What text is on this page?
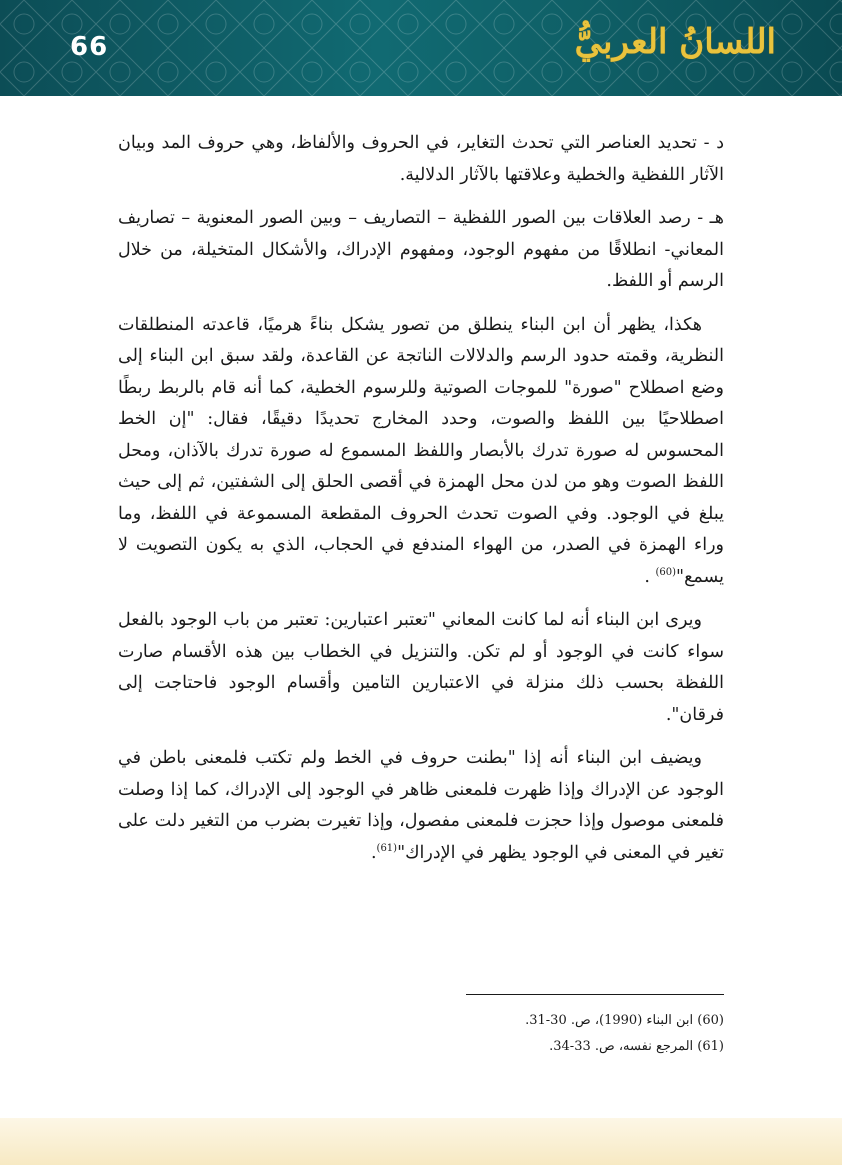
66	اللسانُ العربيُّ

د - تحديد العناصر التي تحدث التغاير، في الحروف والألفاظ، وهي حروف المد وبيان الآثار اللفظية والخطية وعلاقتها بالآثار الدلالية.

هـ - رصد العلاقات بين الصور اللفظية – التصاريف – وبين الصور المعنوية – تصاريف المعاني- انطلاقًا من مفهوم الوجود، ومفهوم الإدراك، والأشكال المتخيلة، من خلال الرسم أو اللفظ.

هكذا، يظهر أن ابن البناء ينطلق من تصور يشكل بناءً هرميًا، قاعدته المنطلقات النظرية، وقمته حدود الرسم والدلالات الناتجة عن القاعدة، ولقد سبق ابن البناء إلى وضع اصطلاح "صورة" للموجات الصوتية وللرسوم الخطية، كما أنه قام بالربط ربطًا اصطلاحيًا بين اللفظ والصوت، وحدد المخارج تحديدًا دقيقًا، فقال: "إن الخط المحسوس له صورة تدرك بالأبصار واللفظ المسموع له صورة تدرك بالآذان، ومحل اللفظ الصوت وهو من لدن محل الهمزة في أقصى الحلق إلى الشفتين، ثم إلى حيث يبلغ في الوجود. وفي الصوت تحدث الحروف المقطعة المسموعة في اللفظ، وما وراء الهمزة في الصدر، من الهواء المندفع في الحجاب، الذي به يكون التصويت لا يسمع"$^{(60)}$ .

ويرى ابن البناء أنه لما كانت المعاني "تعتبر اعتبارين: تعتبر من باب الوجود بالفعل سواء كانت في الوجود أو لم تكن. والتنزيل في الخطاب بين هذه الأقسام صارت اللفظة بحسب ذلك منزلة في الاعتبارين التامين وأقسام الوجود فاحتاجت إلى فرقان".

ويضيف ابن البناء أنه إذا "بطنت حروف في الخط ولم تكتب فلمعنى باطن في الوجود عن الإدراك وإذا ظهرت فلمعنى ظاهر في الوجود إلى الإدراك، كما إذا وصلت فلمعنى موصول وإذا حجزت فلمعنى مفصول، وإذا تغيرت بضرب من التغير دلت على تغير في المعنى في الوجود يظهر في الإدراك"$^{(61)}$.

(60) ابن البناء (1990)، ص. 30-31.

(61) المرجع نفسه، ص. 33-34.
